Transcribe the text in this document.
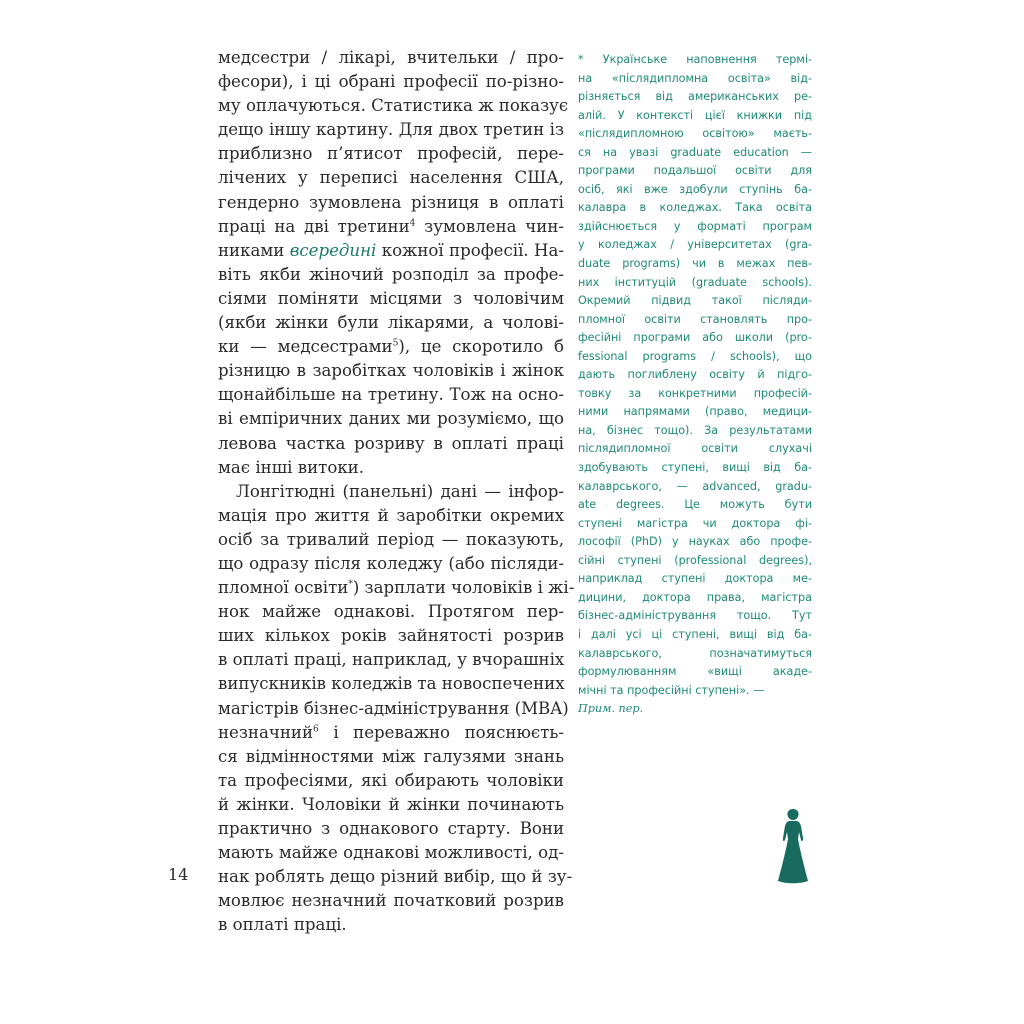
медсестри / лікарі, вчительки / про-
фесори), і ці обрані професії по-різно-
му оплачуються. Статистика ж показує
дещо іншу картину. Для двох третин із
приблизно п’ятисот професій, пере-
лічених у переписі населення США,
гендерно зумовлена різниця в оплаті
праці на дві третини$^4$ зумовлена чин-
никами всередині кожної професії. На-
віть якби жіночий розподіл за профе-
сіями поміняти місцями з чоловічим
(якби жінки були лікарями, а чолові-
ки — медсестрами$^5$), це скоротило б
різницю в заробітках чоловіків і жінок
щонайбільше на третину. Тож на осно-
ві емпіричних даних ми розуміємо, що
левова частка розриву в оплаті праці
має інші витоки.
Лонгітюдні (панельні) дані — інфор-
мація про життя й заробітки окремих
осіб за тривалий період — показують,
що одразу після коледжу (або післяди-
пломної освіти*) зарплати чоловіків і жі-
нок майже однакові. Протягом пер-
ших кількох років зайнятості розрив
в оплаті праці, наприклад, у вчорашніх
випускників коледжів та новоспечених
магістрів бізнес-адміністрування (MBA)
незначний$^6$ і переважно пояснюєть-
ся відмінностями між галузями знань
та професіями, які обирають чоловіки
й жінки. Чоловіки й жінки починають
практично з однакового старту. Вони
мають майже однакові можливості, од-
нак роблять дещо різний вибір, що й зу-
мовлює незначний початковий розрив
в оплаті праці.
* Українське наповнення термі-
на «післядипломна освіта» від-
різняється від американських ре-
алій. У контексті цієї книжки під
«післядипломною освітою» маєть-
ся на увазі graduate education —
програми подальшої освіти для
осіб, які вже здобули ступінь ба-
калавра в коледжах. Така освіта
здійснюється у форматі програм
у коледжах / університетах (gra-
duate programs) чи в межах пев-
них інституцій (graduate schools).
Окремий підвид такої післяди-
пломної освіти становлять про-
фесійні програми або школи (pro-
fessional programs / schools), що
дають поглиблену освіту й підго-
товку за конкретними професій-
ними напрямами (право, медици-
на, бізнес тощо). За результатами
післядипломної освіти слухачі
здобувають ступені, вищі від ба-
калаврського, — advanced, gradu-
ate degrees. Це можуть бути
ступені магістра чи доктора фі-
лософії (PhD) у науках або профе-
сійні ступені (professional degrees),
наприклад ступені доктора ме-
дицини, доктора права, магістра
бізнес-адміністрування тощо. Тут
і далі усі ці ступені, вищі від ба-
калаврського, позначатимуться
формулюванням «вищі акаде-
мічні та професійні ступені». —
Прим. пер.
14
